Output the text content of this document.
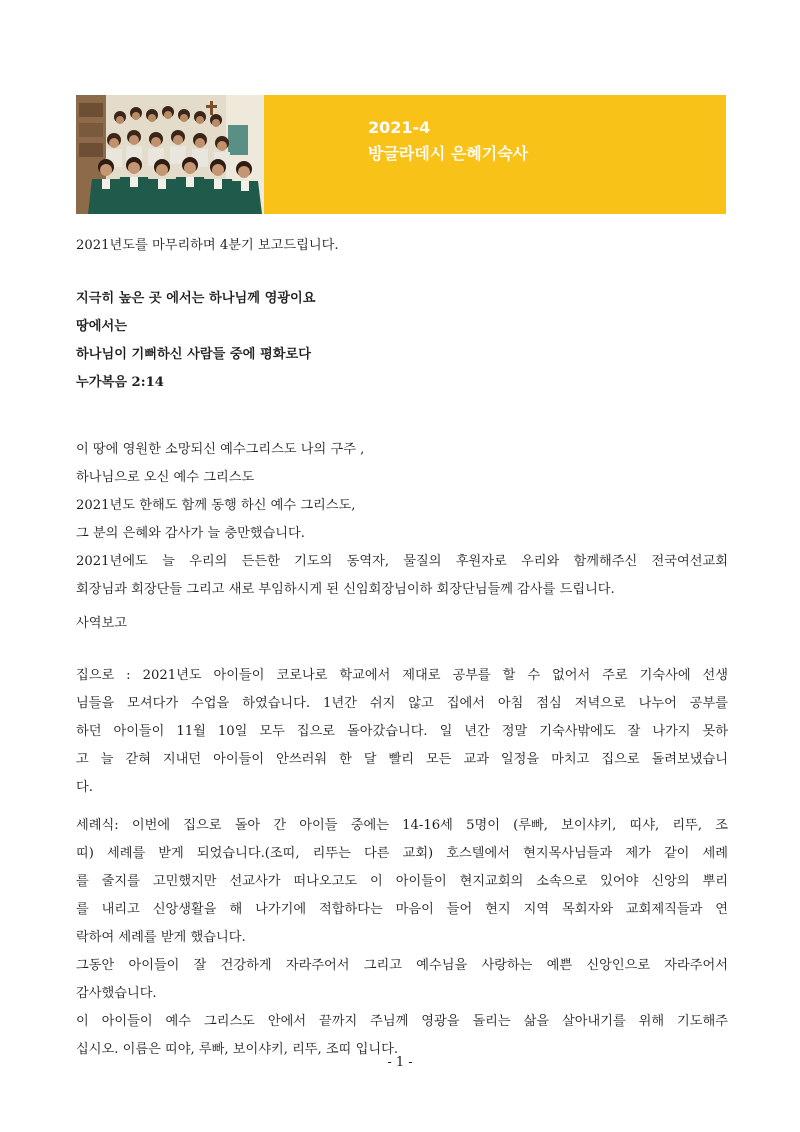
2021-4
방글라데시 은혜기숙사

2021년도를 마무리하며 4분기 보고드립니다.

지극히 높은 곳 에서는 하나님께 영광이요
땅에서는
하나님이 기뻐하신 사람들 중에 평화로다
누가복음 2:14

이 땅에 영원한 소망되신 예수그리스도 나의 구주 ,
하나님으로 오신 예수 그리스도
2021년도 한해도 함께 동행 하신 예수 그리스도,
그 분의 은혜와 감사가 늘 충만했습니다.
2021년에도 늘 우리의 든든한 기도의 동역자, 물질의 후원자로 우리와 함께해주신 전국여선교회
회장님과 회장단들 그리고 새로 부임하시게 된 신임회장님이하 회장단님들께 감사를 드립니다.

사역보고

집으로 : 2021년도 아이들이 코로나로 학교에서 제대로 공부를 할 수 없어서 주로 기숙사에 선생
님들을 모셔다가 수업을 하였습니다. 1년간 쉬지 않고 집에서 아침 점심 저녁으로 나누어 공부를
하던 아이들이 11월 10일 모두 집으로 돌아갔습니다. 일 년간 정말 기숙사밖에도 잘 나가지 못하
고 늘 갇혀 지내던 아이들이 안쓰러워 한 달 빨리 모든 교과 일정을 마치고 집으로 돌려보냈습니
다.

세례식: 이번에 집으로 돌아 간 아이들 중에는 14-16세 5명이 (루빠, 보이샤키, 띠샤, 리뚜, 조
띠) 세례를 받게 되었습니다.(조띠, 리뚜는 다른 교회) 호스텔에서 현지목사님들과 제가 같이 세례
를 줄지를 고민했지만 선교사가 떠나오고도 이 아이들이 현지교회의 소속으로 있어야 신앙의 뿌리
를 내리고 신앙생활을 해 나가기에 적합하다는 마음이 들어 현지 지역 목회자와 교회제직들과 연
락하여 세례를 받게 했습니다.
그동안 아이들이 잘 건강하게 자라주어서 그리고 예수님을 사랑하는 예쁜 신앙인으로 자라주어서
감사했습니다.
이 아이들이 예수 그리스도 안에서 끝까지 주님께 영광을 돌리는 삶을 살아내기를 위해 기도해주
십시오. 이름은 띠야, 루빠, 보이샤키, 리뚜, 조띠 입니다.

- 1 -
